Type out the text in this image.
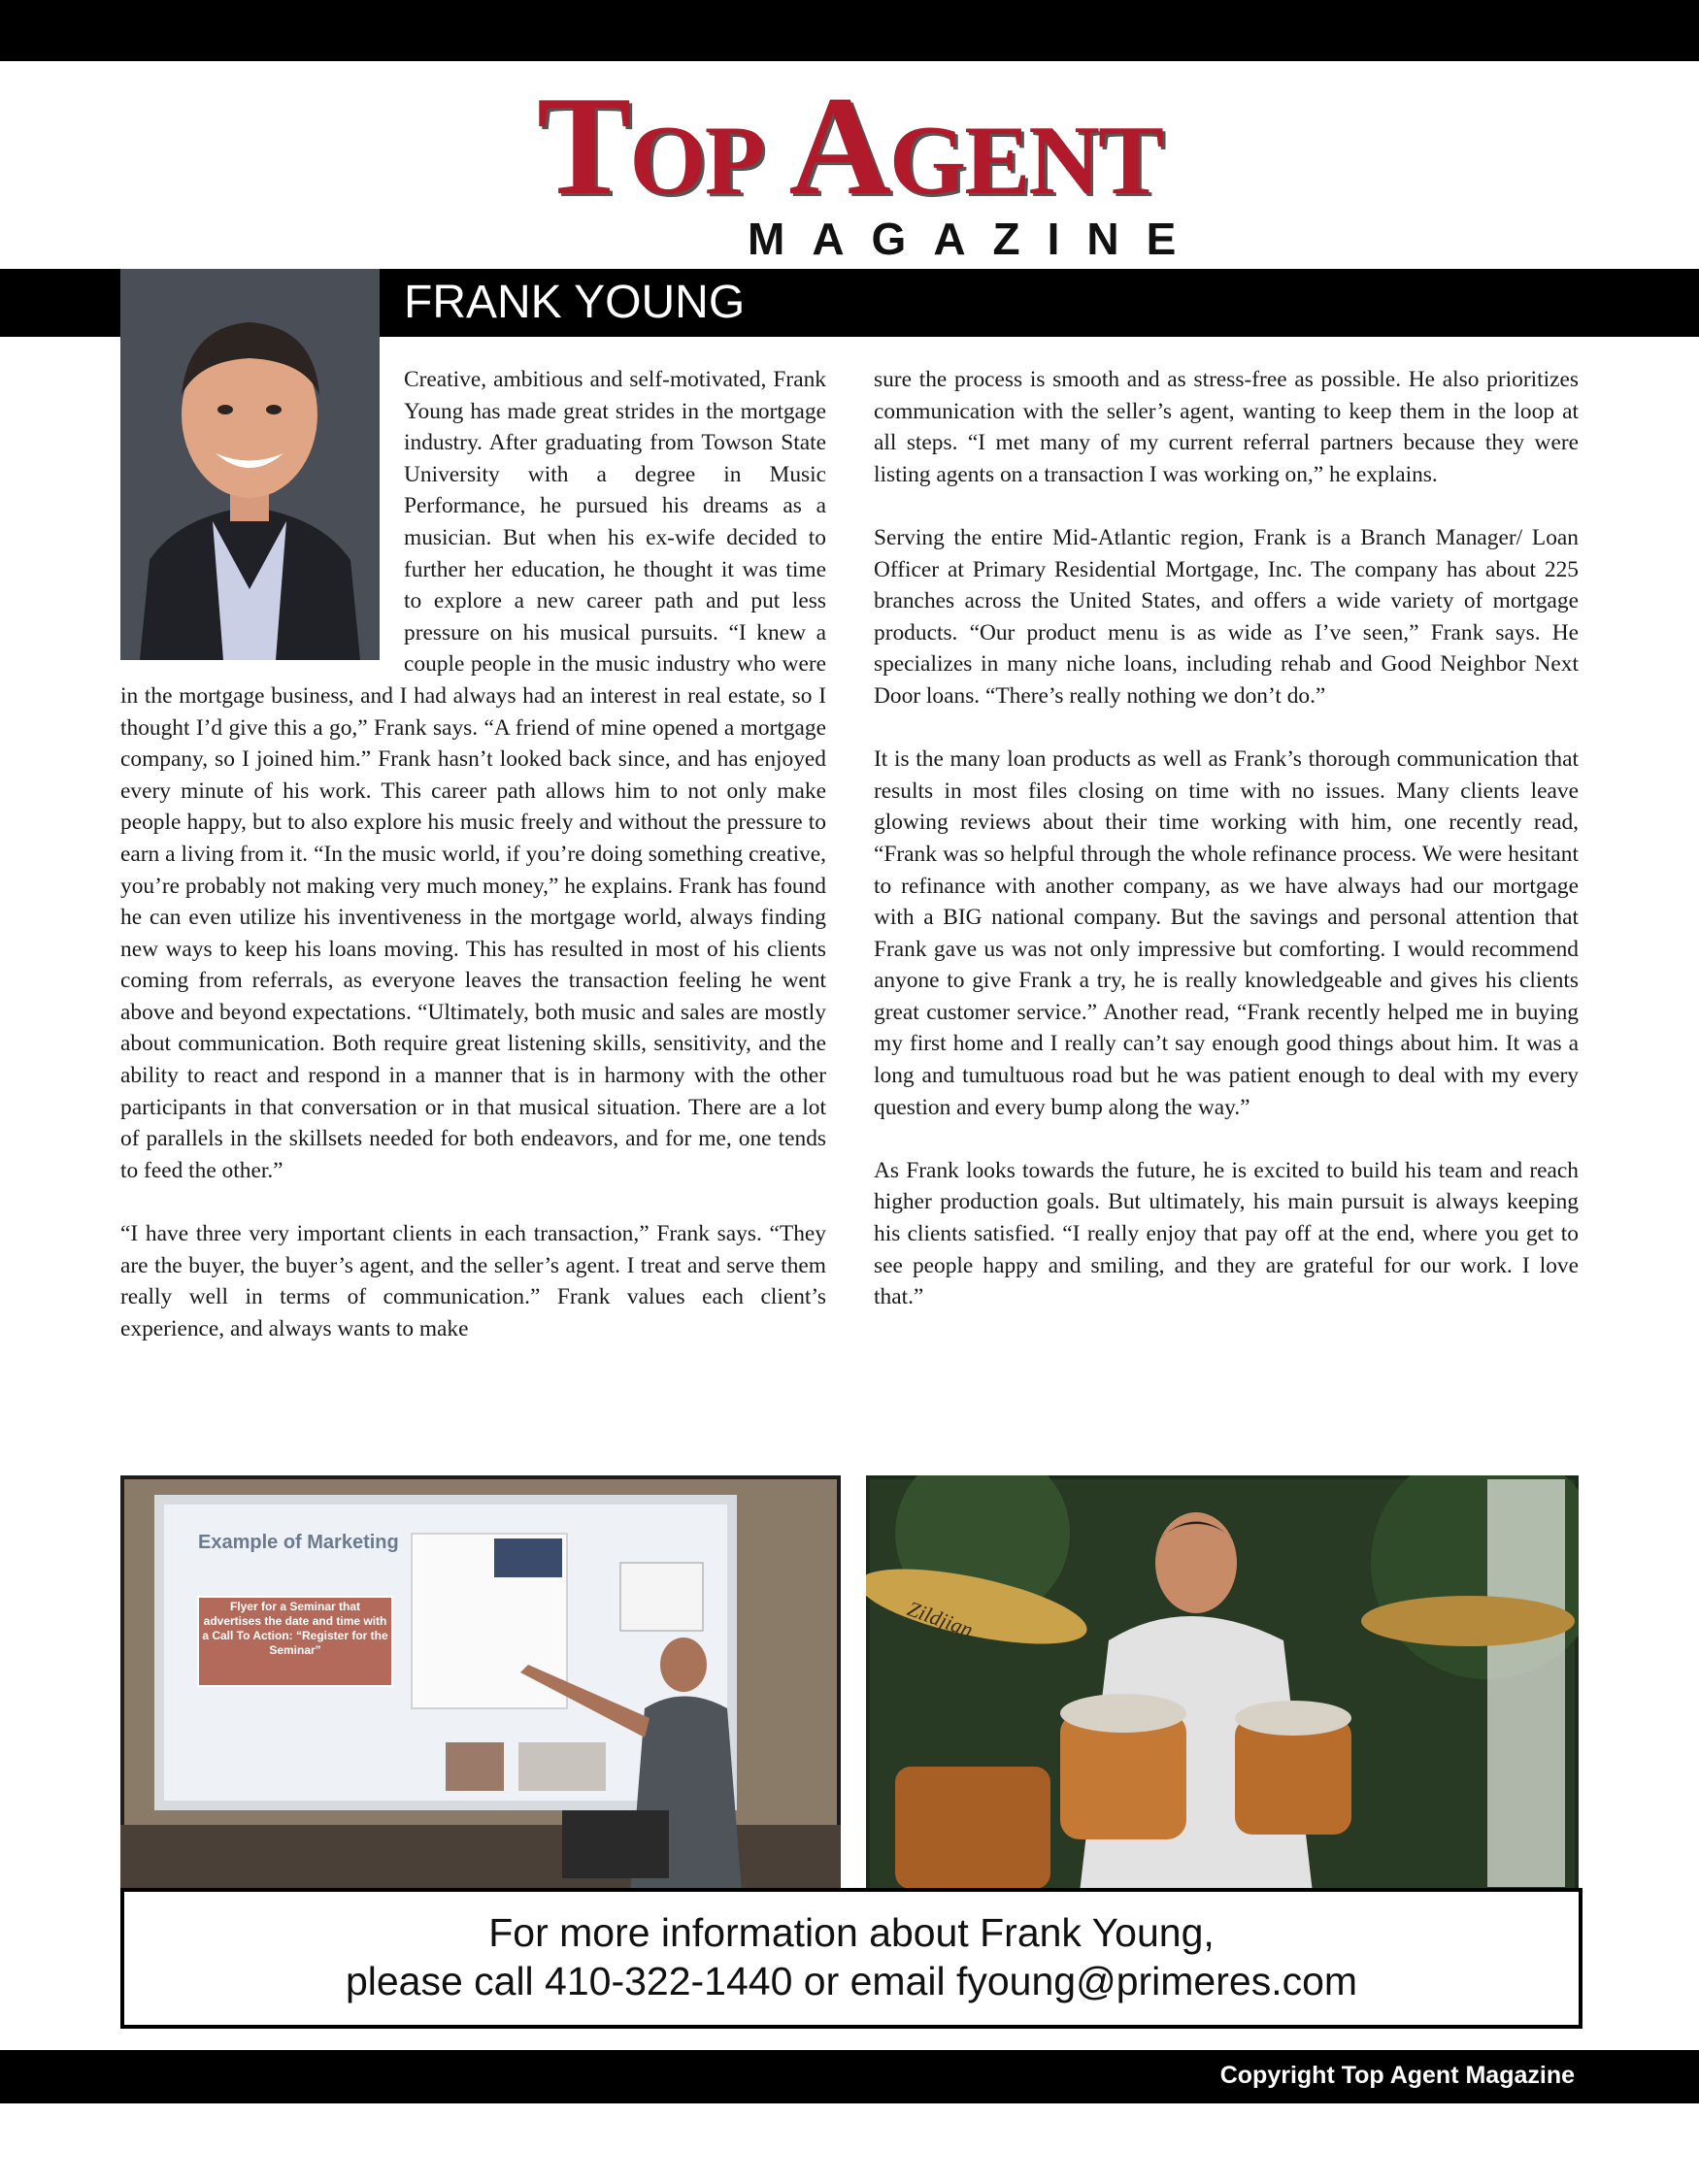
Top Agent
MAGAZINE
FRANK YOUNG

Creative, ambitious and self-motivated, Frank Young has made great strides in the mortgage industry. After graduating from Towson State University with a degree in Music Performance, he pursued his dreams as a musician. But when his ex-wife decided to further her education, he thought it was time to explore a new career path and put less pressure on his musical pursuits. “I knew a couple people in the music industry who were in the mortgage business, and I had always had an interest in real estate, so I thought I’d give this a go,” Frank says. “A friend of mine opened a mortgage company, so I joined him.” Frank hasn’t looked back since, and has enjoyed every minute of his work. This career path allows him to not only make people happy, but to also explore his music freely and without the pressure to earn a living from it. “In the music world, if you’re doing something creative, you’re probably not making very much money,” he explains. Frank has found he can even utilize his inventiveness in the mortgage world, always finding new ways to keep his loans moving. This has resulted in most of his clients coming from referrals, as everyone leaves the transaction feeling he went above and beyond expectations. “Ultimately, both music and sales are mostly about communication. Both require great listening skills, sensitivity, and the ability to react and respond in a manner that is in harmony with the other participants in that conversation or in that musical situation. There are a lot of parallels in the skillsets needed for both endeavors, and for me, one tends to feed the other.”

“I have three very important clients in each transaction,” Frank says. “They are the buyer, the buyer’s agent, and the seller’s agent. I treat and serve them really well in terms of communication.” Frank values each client’s experience, and always wants to make

sure the process is smooth and as stress-free as possible. He also prioritizes communication with the seller’s agent, wanting to keep them in the loop at all steps. “I met many of my current referral partners because they were listing agents on a transaction I was working on,” he explains.

Serving the entire Mid-Atlantic region, Frank is a Branch Manager/ Loan Officer at Primary Residential Mortgage, Inc. The company has about 225 branches across the United States, and offers a wide variety of mortgage products. “Our product menu is as wide as I’ve seen,” Frank says. He specializes in many niche loans, including rehab and Good Neighbor Next Door loans. “There’s really nothing we don’t do.”

It is the many loan products as well as Frank’s thorough communication that results in most files closing on time with no issues. Many clients leave glowing reviews about their time working with him, one recently read, “Frank was so helpful through the whole refinance process. We were hesitant to refinance with another company, as we have always had our mortgage with a BIG national company. But the savings and personal attention that Frank gave us was not only impressive but comforting. I would recommend anyone to give Frank a try, he is really knowledgeable and gives his clients great customer service.” Another read, “Frank recently helped me in buying my first home and I really can’t say enough good things about him. It was a long and tumultuous road but he was patient enough to deal with my every question and every bump along the way.”

As Frank looks towards the future, he is excited to build his team and reach higher production goals. But ultimately, his main pursuit is always keeping his clients satisfied. “I really enjoy that pay off at the end, where you get to see people happy and smiling, and they are grateful for our work. I love that.”

Example of Marketing
Flyer for a Seminar that advertises the date and time with a Call To Action: “Register for the Seminar”
Zildjian
For more information about Frank Young,
please call 410-322-1440 or email fyoung@primeres.com
Copyright Top Agent Magazine
